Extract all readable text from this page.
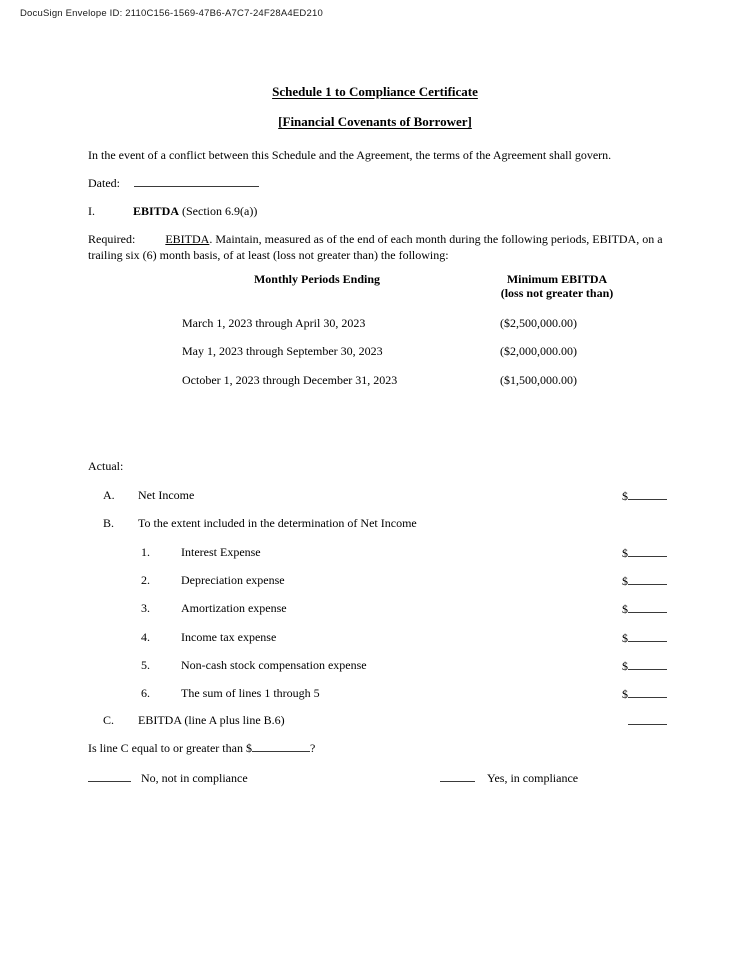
DocuSign Envelope ID: 2110C156-1569-47B6-A7C7-24F28A4ED210
Schedule 1 to Compliance Certificate
[Financial Covenants of Borrower]

In the event of a conflict between this Schedule and the Agreement, the terms of the Agreement shall govern.

Dated:
I.	EBITDA (Section 6.9(a))

Required:	EBITDA. Maintain, measured as of the end of each month during the following periods, EBITDA, on a trailing six (6) month basis, of at least (loss not greater than) the following:

Monthly Periods Ending	Minimum EBITDA
(loss not greater than)
March 1, 2023 through April 30, 2023	($2,500,000.00)
May 1, 2023 through September 30, 2023	($2,000,000.00)
October 1, 2023 through December 31, 2023	($1,500,000.00)
Actual:
A. Net Income	$
B. To the extent included in the determination of Net Income
1.	Interest Expense	$
2.	Depreciation expense	$
3.	Amortization expense	$
4.	Income tax expense	$
5.	Non-cash stock compensation expense	$
6.	The sum of lines 1 through 5	$
C. EBITDA (line A plus line B.6)
Is line C equal to or greater than $	?
No, not in compliance	Yes, in compliance
